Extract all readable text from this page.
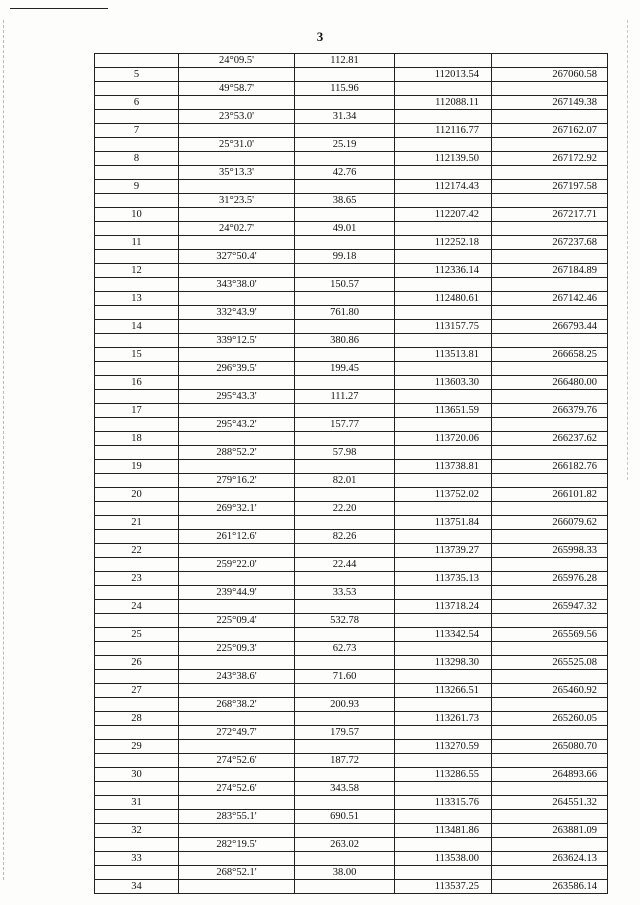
3
	24°09.5'	112.81		
5			112013.54	267060.58
	49°58.7'	115.96		
6			112088.11	267149.38
	23°53.0'	31.34		
7			112116.77	267162.07
	25°31.0'	25.19		
8			112139.50	267172.92
	35°13.3'	42.76		
9			112174.43	267197.58
	31°23.5'	38.65		
10			112207.42	267217.71
	24°02.7'	49.01		
11			112252.18	267237.68
	327°50.4'	99.18		
12			112336.14	267184.89
	343°38.0'	150.57		
13			112480.61	267142.46
	332°43.9'	761.80		
14			113157.75	266793.44
	339°12.5'	380.86		
15			113513.81	266658.25
	296°39.5'	199.45		
16			113603.30	266480.00
	295°43.3'	111.27		
17			113651.59	266379.76
	295°43.2'	157.77		
18			113720.06	266237.62
	288°52.2'	57.98		
19			113738.81	266182.76
	279°16.2'	82.01		
20			113752.02	266101.82
	269°32.1'	22.20		
21			113751.84	266079.62
	261°12.6'	82.26		
22			113739.27	265998.33
	259°22.0'	22.44		
23			113735.13	265976.28
	239°44.9'	33.53		
24			113718.24	265947.32
	225°09.4'	532.78		
25			113342.54	265569.56
	225°09.3'	62.73		
26			113298.30	265525.08
	243°38.6'	71.60		
27			113266.51	265460.92
	268°38.2'	200.93		
28			113261.73	265260.05
	272°49.7'	179.57		
29			113270.59	265080.70
	274°52.6'	187.72		
30			113286.55	264893.66
	274°52.6'	343.58		
31			113315.76	264551.32
	283°55.1'	690.51		
32			113481.86	263881.09
	282°19.5'	263.02		
33			113538.00	263624.13
	268°52.1'	38.00		
34			113537.25	263586.14
